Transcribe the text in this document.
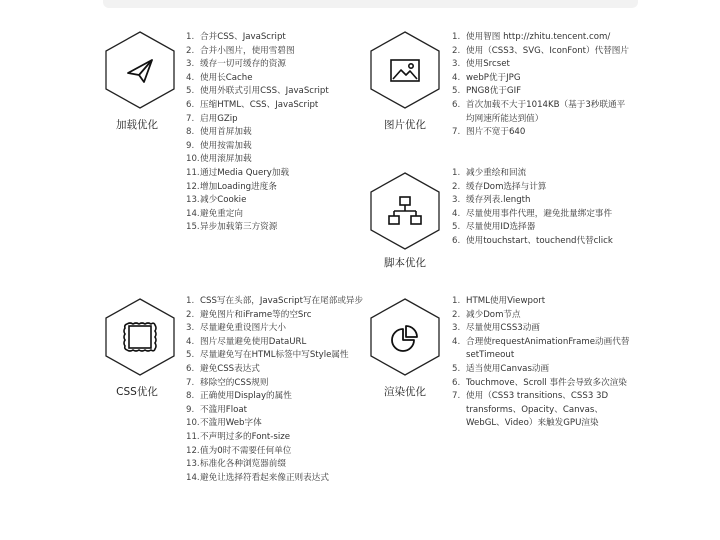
加载优化
1. 合并CSS、JavaScript
2. 合并小图片，使用雪碧图
3. 缓存一切可缓存的资源
4. 使用长Cache
5. 使用外联式引用CSS、JavaScript
6. 压缩HTML、CSS、JavaScript
7. 启用GZip
8. 使用首屏加载
9. 使用按需加载
10. 使用滚屏加载
11. 通过Media Query加载
12. 增加Loading进度条
13. 减少Cookie
14. 避免重定向
15. 异步加载第三方资源
图片优化
1. 使用智图 http://zhitu.tencent.com/
2. 使用（CSS3、SVG、IconFont）代替图片
3. 使用Srcset
4. webP优于JPG
5. PNG8优于GIF
6. 首次加载不大于1014KB（基于3秒联通平均网速所能达到值）
7. 图片不宽于640
脚本优化
1. 减少重绘和回流
2. 缓存Dom选择与计算
3. 缓存列表.length
4. 尽量使用事件代理，避免批量绑定事件
5. 尽量使用ID选择器
6. 使用touchstart、touchend代替click
CSS优化
1. CSS写在头部，JavaScript写在尾部或异步
2. 避免图片和iFrame等的空Src
3. 尽量避免重设图片大小
4. 图片尽量避免使用DataURL
5. 尽量避免写在HTML标签中写Style属性
6. 避免CSS表达式
7. 移除空的CSS规则
8. 正确使用Display的属性
9. 不滥用Float
10. 不滥用Web字体
11. 不声明过多的Font-size
12. 值为0时不需要任何单位
13. 标准化各种浏览器前缀
14. 避免让选择符看起来像正则表达式
渲染优化
1. HTML使用Viewport
2. 减少Dom节点
3. 尽量使用CSS3动画
4. 合理使requestAnimationFrame动画代替setTimeout
5. 适当使用Canvas动画
6. Touchmove、Scroll 事件会导致多次渲染
7. 使用（CSS3 transitions、CSS3 3D transforms、Opacity、Canvas、WebGL、Video）来触发GPU渲染
